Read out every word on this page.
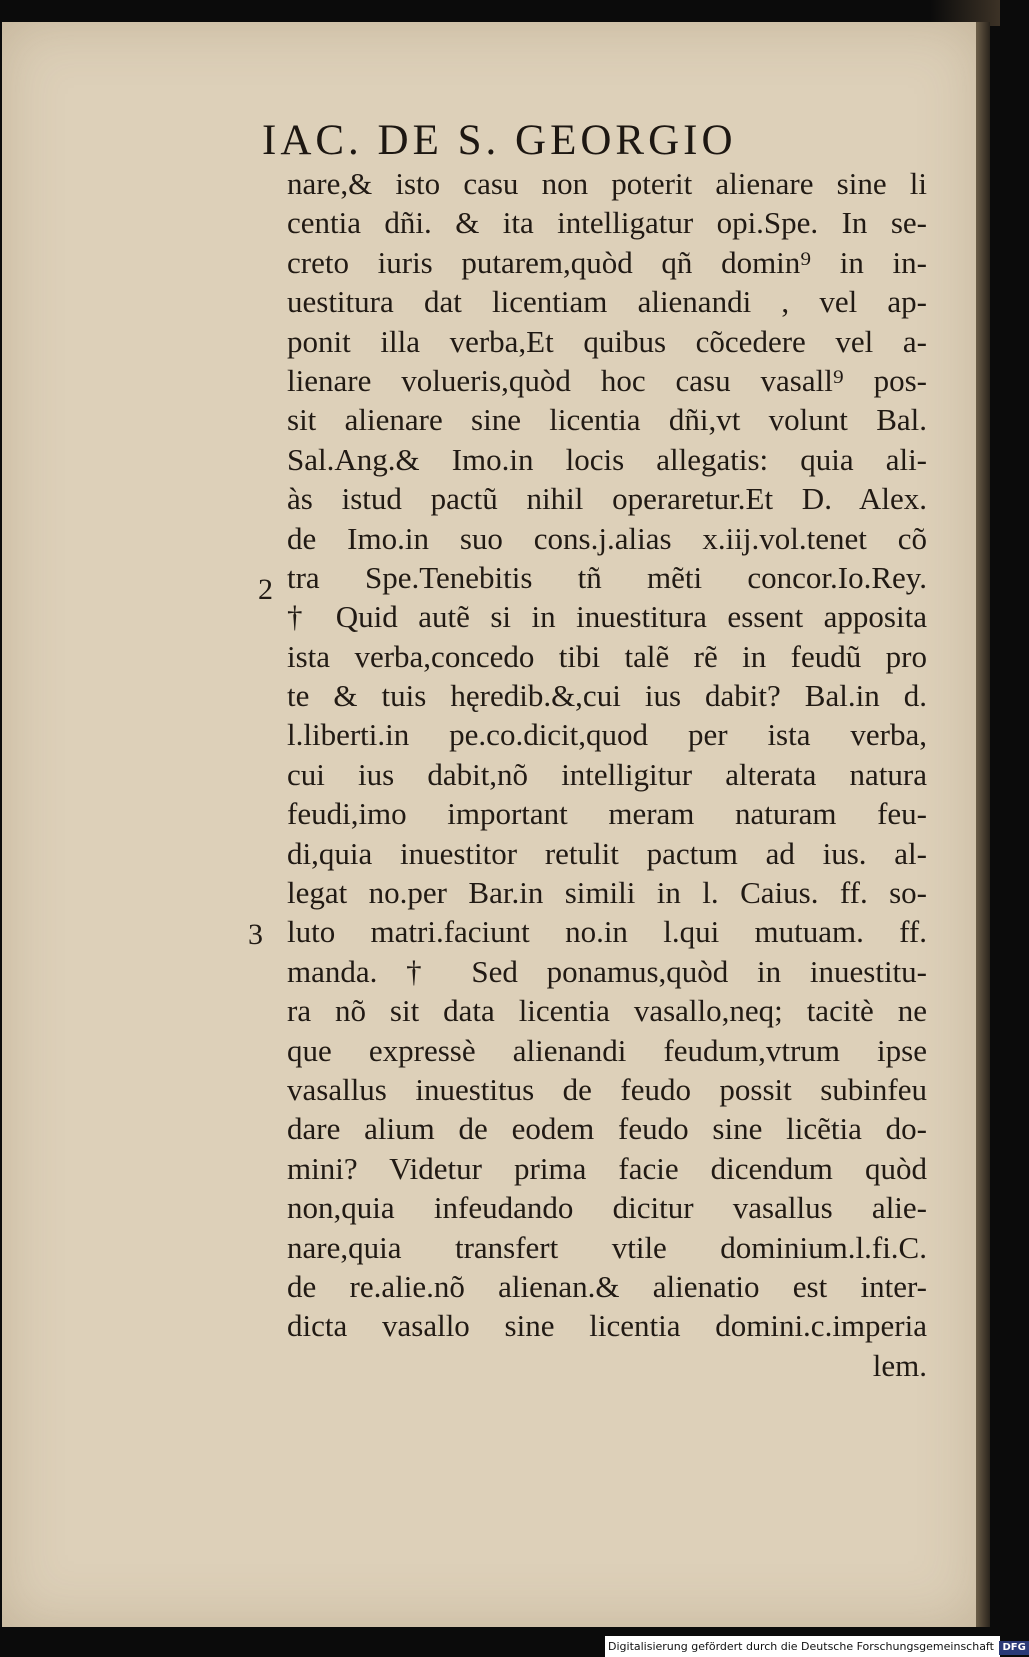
IAC. DE S. GEORGIO
2
3
nare,& isto casu non poterit alienare sine li
centia dñi. & ita intelligatur opi.Spe. In se-
creto iuris putarem,quòd qñ domin⁹ in in-
uestitura dat licentiam alienandi , vel ap-
ponit illa verba,Et quibus cõcedere vel a-
lienare volueris,quòd hoc casu vasall⁹ pos-
sit alienare sine licentia dñi,vt volunt Bal.
Sal.Ang.& Imo.in locis allegatis: quia ali-
às istud pactũ nihil operaretur.Et D. Alex.
de Imo.in suo cons.j.alias x.iij.vol.tenet cõ
tra Spe.Tenebitis tñ mẽti concor.Io.Rey.
† Quid autẽ si in inuestitura essent apposita
ista verba,concedo tibi talẽ rẽ in feudũ pro
te & tuis hęredib.&,cui ius dabit? Bal.in d.
l.liberti.in pe.co.dicit,quod per ista verba,
cui ius dabit,nõ intelligitur alterata natura
feudi,imo important meram naturam feu-
di,quia inuestitor retulit pactum ad ius. al-
legat no.per Bar.in simili in l. Caius. ff. so-
luto matri.faciunt no.in l.qui mutuam. ff.
manda. † Sed ponamus,quòd in inuestitu-
ra nõ sit data licentia vasallo,neq; tacitè ne
que expressè alienandi feudum,vtrum ipse
vasallus inuestitus de feudo possit subinfeu
dare alium de eodem feudo sine licẽtia do-
mini? Videtur prima facie dicendum quòd
non,quia infeudando dicitur vasallus alie-
nare,quia transfert vtile dominium.l.fi.C.
de re.alie.nõ alienan.& alienatio est inter-
dicta vasallo sine licentia domini.c.imperia
lem.
Digitalisierung gefördert durch die Deutsche Forschungsgemeinschaft DFG
